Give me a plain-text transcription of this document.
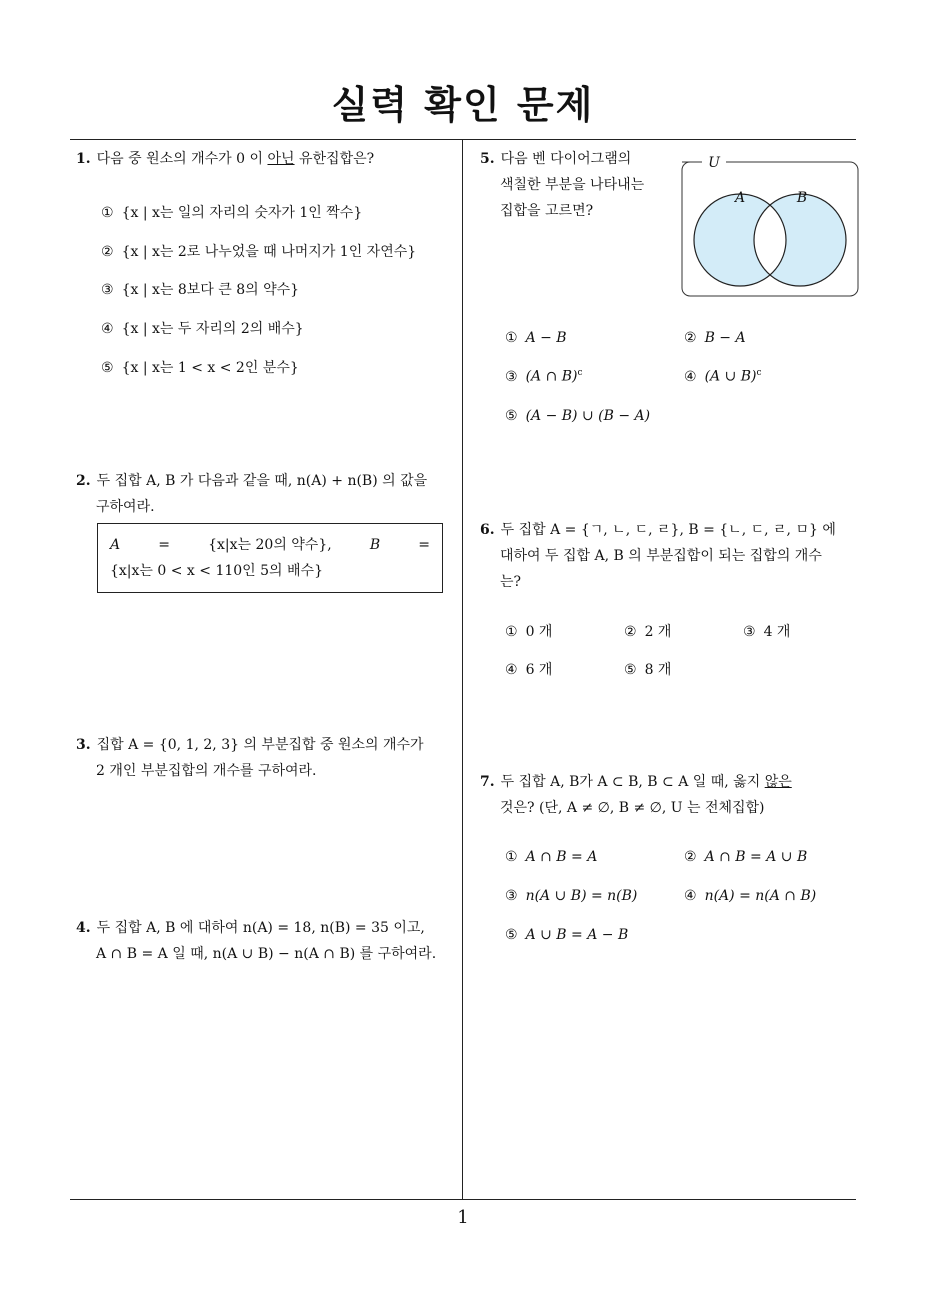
실력 확인 문제
1
1. 다음 중 원소의 개수가 0 이 아닌 유한집합은?
① {x | x는 일의 자리의 숫자가 1인 짝수}
② {x | x는 2로 나누었을 때 나머지가 1인 자연수}
③ {x | x는 8보다 큰 8의 약수}
④ {x | x는 두 자리의 2의 배수}
⑤ {x | x는 1 < x < 2인 분수}
2. 두 집합 A, B 가 다음과 같을 때, n(A) + n(B) 의 값을
구하여라.
A	=	{x|x는 20의 약수},	B	=
{x|x는 0 < x < 110인 5의 배수}
3. 집합 A = {0, 1, 2, 3} 의 부분집합 중 원소의 개수가
2 개인 부분집합의 개수를 구하여라.
4. 두 집합 A, B 에 대하여 n(A) = 18, n(B) = 35 이고,
A ∩ B = A 일 때, n(A ∪ B) − n(A ∩ B) 를 구하여라.
5. 다음 벤 다이어그램의
색칠한 부분을 나타내는
집합을 고르면?
U
A	B
① A − B	② B − A
③ (A ∩ B)$^c$	④ (A ∪ B)$^c$
⑤ (A − B) ∪ (B − A)
6. 두 집합 A = {ㄱ, ㄴ, ㄷ, ㄹ}, B = {ㄴ, ㄷ, ㄹ, ㅁ} 에
대하여 두 집합 A, B 의 부분집합이 되는 집합의 개수
는?
① 0 개	② 2 개	③ 4 개
④ 6 개	⑤ 8 개
7. 두 집합 A, B가 A ⊂ B, B ⊂ A 일 때, 옳지 않은
것은? (단, A ≠ ∅, B ≠ ∅, U 는 전체집합)
① A ∩ B = A	② A ∩ B = A ∪ B
③ n(A ∪ B) = n(B)	④ n(A) = n(A ∩ B)
⑤ A ∪ B = A − B
